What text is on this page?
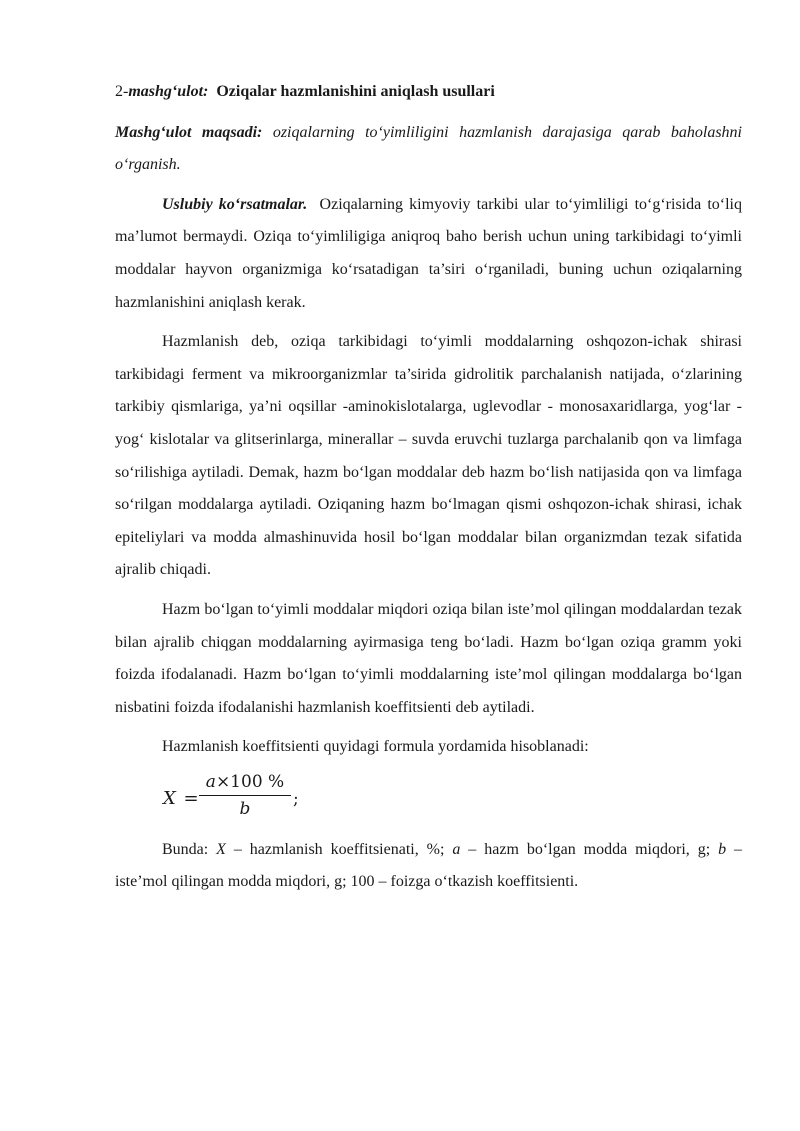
2-mashg‘ulot: Oziqalar hazmlanishini aniqlash usullari

Mashg‘ulot maqsadi: oziqalarning to‘yimliligini hazmlanish darajasiga qarab baholashni o‘rganish.

Uslubiy ko‘rsatmalar. Oziqalarning kimyoviy tarkibi ular to‘yimliligi to‘g‘risida to‘liq ma’lumot bermaydi. Oziqa to‘yimliligiga aniqroq baho berish uchun uning tarkibidagi to‘yimli moddalar hayvon organizmiga ko‘rsatadigan ta’siri o‘rganiladi, buning uchun oziqalarning hazmlanishini aniqlash kerak.

Hazmlanish deb, oziqa tarkibidagi to‘yimli moddalarning oshqozon-ichak shirasi tarkibidagi ferment va mikroorganizmlar ta’sirida gidrolitik parchalanish natijada, o‘zlarining tarkibiy qismlariga, ya’ni oqsillar -aminokislotalarga, uglevodlar - monosaxaridlarga, yog‘lar - yog‘ kislotalar va glitserinlarga, minerallar – suvda eruvchi tuzlarga parchalanib qon va limfaga so‘rilishiga aytiladi. Demak, hazm bo‘lgan moddalar deb hazm bo‘lish natijasida qon va limfaga so‘rilgan moddalarga aytiladi. Oziqaning hazm bo‘lmagan qismi oshqozon-ichak shirasi, ichak epiteliylari va modda almashinuvida hosil bo‘lgan moddalar bilan organizmdan tezak sifatida ajralib chiqadi.

Hazm bo‘lgan to‘yimli moddalar miqdori oziqa bilan iste’mol qilingan moddalardan tezak bilan ajralib chiqgan moddalarning ayirmasiga teng bo‘ladi. Hazm bo‘lgan oziqa gramm yoki foizda ifodalanadi. Hazm bo‘lgan to‘yimli moddalarning iste’mol qilingan moddalarga bo‘lgan nisbatini foizda ifodalanishi hazmlanish koeffitsienti deb aytiladi.

Hazmlanish koeffitsienti quyidagi formula yordamida hisoblanadi:

X =
a×100 %
b	;

Bunda: X – hazmlanish koeffitsienati, %; a – hazm bo‘lgan modda miqdori, g; b – iste’mol qilingan modda miqdori, g; 100 – foizga o‘tkazish koeffitsienti.
